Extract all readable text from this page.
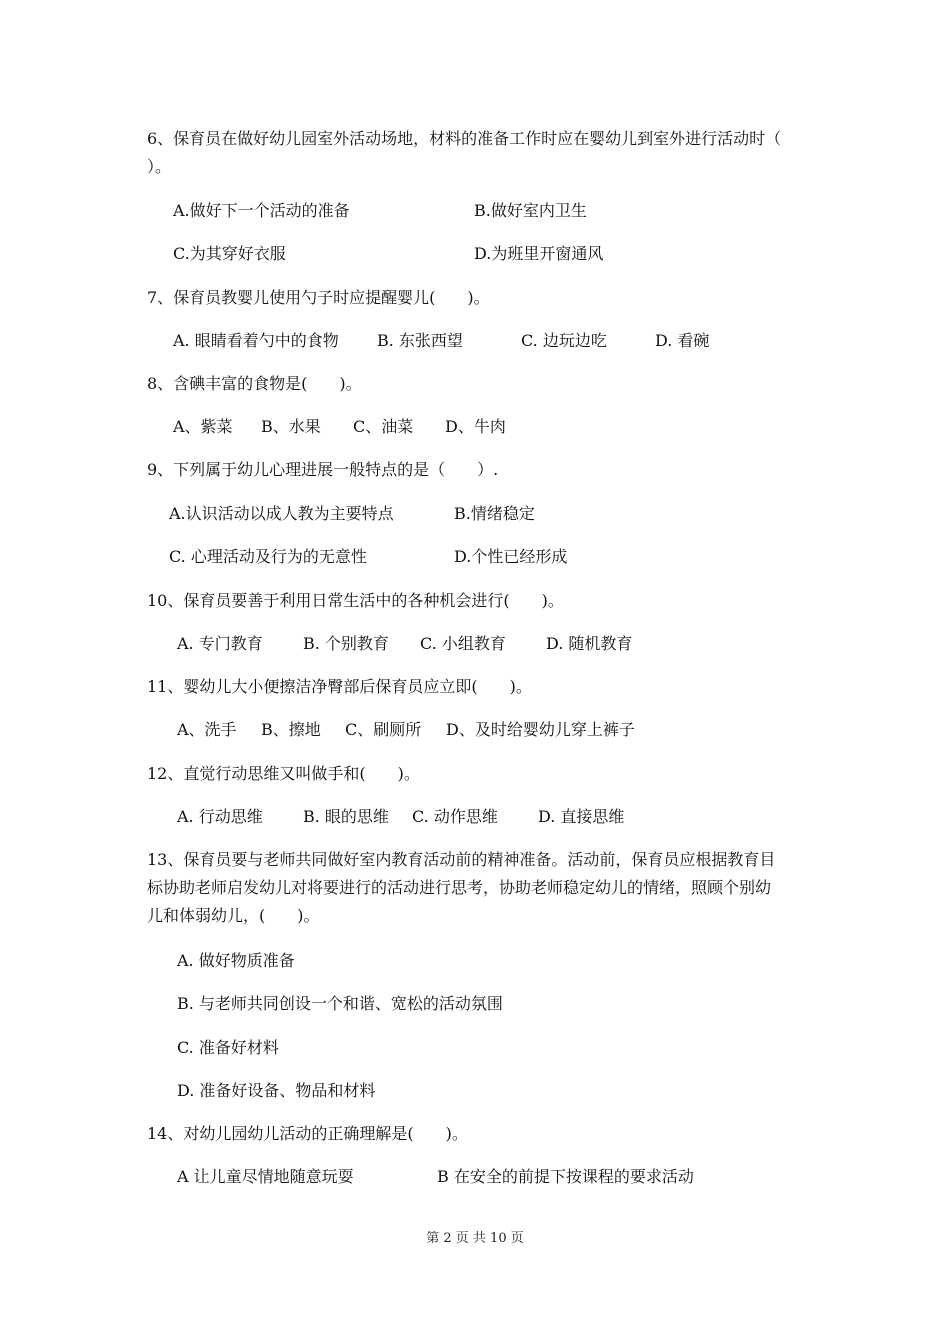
6、保育员在做好幼儿园室外活动场地，材料的准备工作时应在婴幼儿到室外进行活动时（
）。
A.做好下一个活动的准备	B.做好室内卫生
C.为其穿好衣服	D.为班里开窗通风
7、保育员教婴儿使用勺子时应提醒婴儿(　　)。
A. 眼睛看着勺中的食物 B. 东张西望	C. 边玩边吃	D. 看碗
8、含碘丰富的食物是(　　)。
A、紫菜 B、水果 C、油菜 D、牛肉
9、下列属于幼儿心理进展一般特点的是（　　）.
A.认识活动以成人教为主要特点	B.情绪稳定
C. 心理活动及行为的无意性	D.个性已经形成
10、保育员要善于利用日常生活中的各种机会进行(　　)。
A. 专门教育	B. 个别教育 C. 小组教育	D. 随机教育
11、婴幼儿大小便擦洁净臀部后保育员应立即(　　)。
A、洗手 B、擦地 C、刷厕所 D、及时给婴幼儿穿上裤子
12、直觉行动思维又叫做手和(　　)。
A. 行动思维	B. 眼的思维 C. 动作思维	D. 直接思维
13、保育员要与老师共同做好室内教育活动前的精神准备。活动前，保育员应根据教育目
标协助老师启发幼儿对将要进行的活动进行思考，协助老师稳定幼儿的情绪，照顾个别幼
儿和体弱幼儿，(　　)。
A. 做好物质准备
B. 与老师共同创设一个和谐、宽松的活动氛围
C. 准备好材料
D. 准备好设备、物品和材料
14、对幼儿园幼儿活动的正确理解是(　　)。
A 让儿童尽情地随意玩耍	B 在安全的前提下按课程的要求活动
第 2 页 共 10 页
